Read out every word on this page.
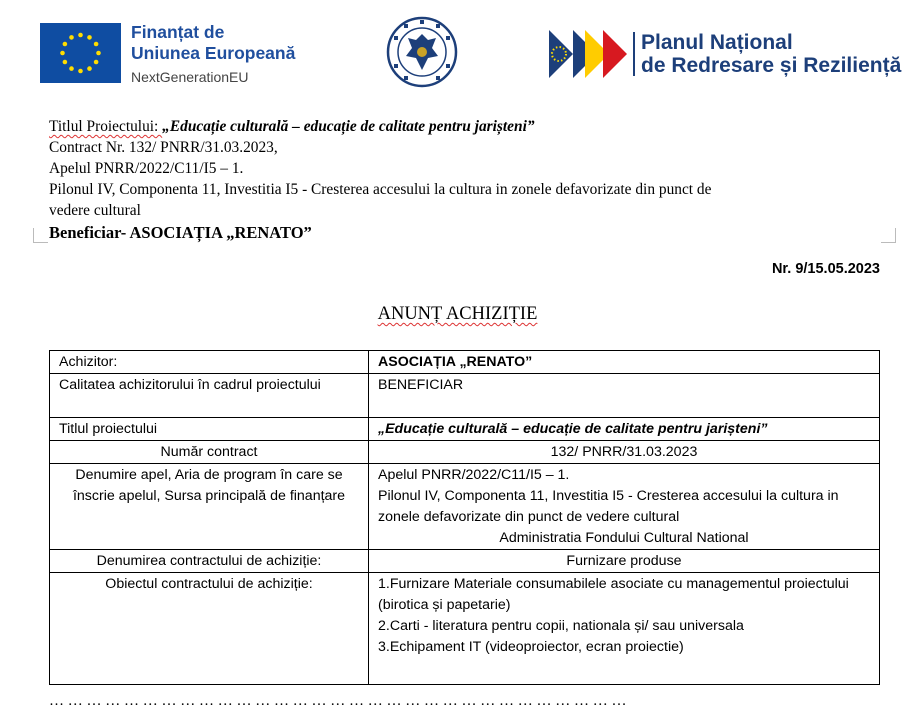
Finanțat de
Uniunea Europeană
NextGenerationEU
Planul Național
de Redresare și Reziliență
Titlul Proiectului: „Educație culturală – educație de calitate pentru jarișteni”
Contract Nr. 132/ PNRR/31.03.2023,
Apelul PNRR/2022/C11/I5 – 1.
Pilonul IV, Componenta 11, Investitia I5 - Cresterea accesului la cultura in zonele defavorizate din punct de
vedere cultural
Beneficiar- ASOCIAȚIA „RENATO”
Nr. 9/15.05.2023
ANUNȚ ACHIZIȚIE
Achizitor:	ASOCIAȚIA „RENATO”
Calitatea achizitorului în cadrul proiectului	BENEFICIAR
Titlul proiectului	„Educație culturală – educație de calitate pentru jarișteni”
Număr contract	132/ PNRR/31.03.2023
Denumire apel, Aria de program în care se înscrie apelul, Sursa principală de finanțare	Apelul PNRR/2022/C11/I5 – 1.
Pilonul IV, Componenta 11, Investitia I5 - Cresterea accesului la cultura in zonele defavorizate din punct de vedere cultural
Administratia Fondului Cultural National

Denumirea contractului de achiziție:	Furnizare produse
Obiectul contractului de achiziție:	1.Furnizare Materiale consumabilele asociate cu managementul proiectului (birotica și papetarie)
2.Carti - literatura pentru copii, nationala și/ sau universala
3.Echipament IT (videoproiector, ecran proiectie)
… … … … … … … … … … … … … … … … … … … … … … … … … … … … … … …
